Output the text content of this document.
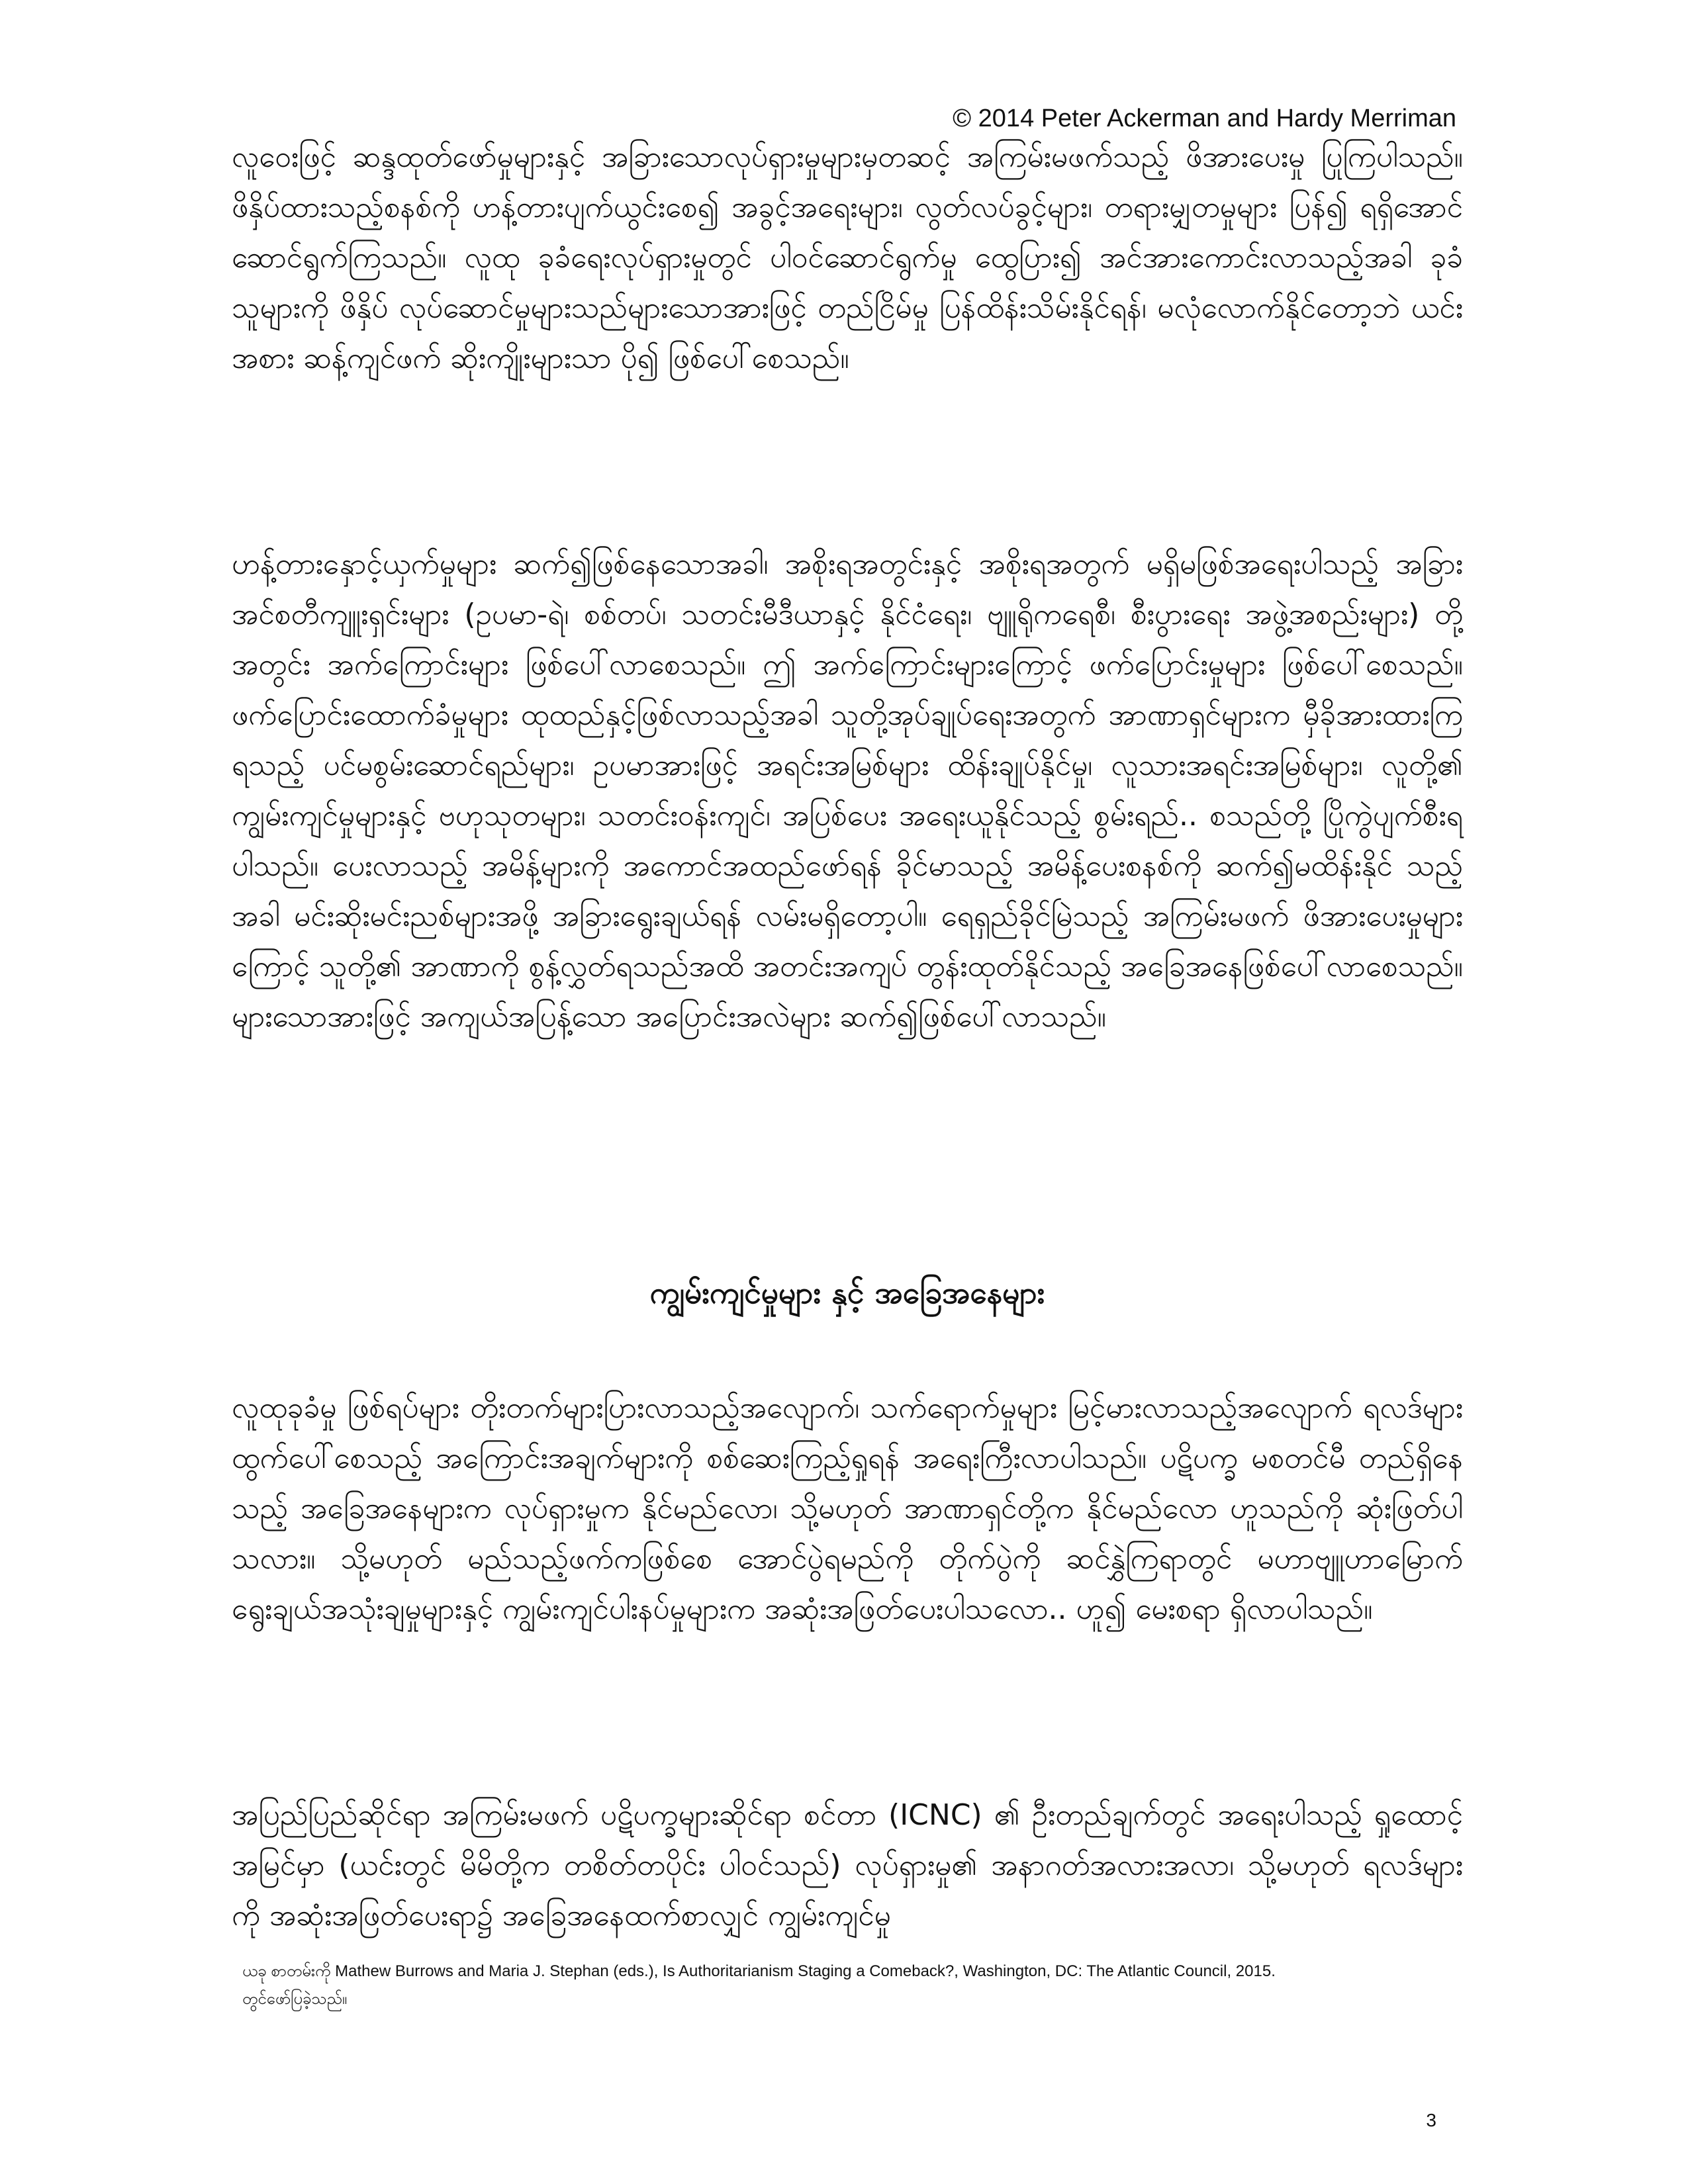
© 2014 Peter Ackerman and Hardy Merriman

လူဝေးဖြင့် ဆန္ဒထုတ်ဖော်မှုများနှင့် အခြားသောလုပ်ရှားမှုများမှတဆင့် အကြမ်းမဖက်သည့် ဖိအားပေးမှု ပြုကြပါသည်။ ဖိနှိပ်ထားသည့်စနစ်ကို ဟန့်တားပျက်ယွင်းစေ၍ အခွင့်အရေးများ၊ လွတ်လပ်ခွင့်များ၊ တရားမျှတမှုများ ပြန်၍ ရရှိအောင် ဆောင်ရွက်ကြသည်။ လူထု ခုခံရေးလုပ်ရှားမှုတွင် ပါဝင်ဆောင်ရွက်မှု ထွေပြား၍ အင်အားကောင်းလာသည့်အခါ ခုခံသူများကို ဖိနှိပ် လုပ်ဆောင်မှုများသည်များသောအားဖြင့် တည်ငြိမ်မှု ပြန်ထိန်းသိမ်းနိုင်ရန်၊ မလုံလောက်နိုင်တော့ဘဲ ယင်းအစား ဆန့်ကျင်ဖက် ဆိုးကျိုးများသာ ပို၍ ဖြစ်ပေါ်စေသည်။

ဟန့်တားနှောင့်ယှက်မှုများ ဆက်၍ဖြစ်နေသောအခါ၊ အစိုးရအတွင်းနှင့် အစိုးရအတွက် မရှိမဖြစ်အရေးပါသည့် အခြား အင်စတီကျူးရှင်းများ (ဥပမာ-ရဲ၊ စစ်တပ်၊ သတင်းမီဒီယာနှင့် နိုင်ငံရေး၊ ဗျူရိုကရေစီ၊ စီးပွားရေး အဖွဲ့အစည်းများ) တို့အတွင်း အက်ကြောင်းများ ဖြစ်ပေါ်လာစေသည်။ ဤ အက်ကြောင်းများကြောင့် ဖက်ပြောင်းမှုများ ဖြစ်ပေါ်စေသည်။ ဖက်ပြောင်းထောက်ခံမှုများ ထုထည်နှင့်ဖြစ်လာသည့်အခါ သူတို့အုပ်ချုပ်ရေးအတွက် အာဏာရှင်များက မှီခိုအားထားကြရသည့် ပင်မစွမ်းဆောင်ရည်များ၊ ဥပမာအားဖြင့် အရင်းအမြစ်များ ထိန်းချုပ်နိုင်မှု၊ လူသားအရင်းအမြစ်များ၊ လူတို့၏ ကျွမ်းကျင်မှုများနှင့် ဗဟုသုတများ၊ သတင်းဝန်းကျင်၊ အပြစ်ပေး အရေးယူနိုင်သည့် စွမ်းရည်.. စသည်တို့ ပြိုကွဲပျက်စီးရပါသည်။ ပေးလာသည့် အမိန့်များကို အကောင်အထည်ဖော်ရန် ခိုင်မာသည့် အမိန့်ပေးစနစ်ကို ဆက်၍မထိန်းနိုင် သည့်အခါ မင်းဆိုးမင်းညစ်များအဖို့ အခြားရွေးချယ်ရန် လမ်းမရှိတော့ပါ။ ရေရှည်ခိုင်မြဲသည့် အကြမ်းမဖက် ဖိအားပေးမှုများကြောင့် သူတို့၏ အာဏာကို စွန့်လွှတ်ရသည်အထိ အတင်းအကျပ် တွန်းထုတ်နိုင်သည့် အခြေအနေဖြစ်ပေါ်လာစေသည်။ များသောအားဖြင့် အကျယ်အပြန့်သော အပြောင်းအလဲများ ဆက်၍ဖြစ်ပေါ်လာသည်။

ကျွမ်းကျင်မှုများ နှင့် အခြေအနေများ

လူထုခုခံမှု ဖြစ်ရပ်များ တိုးတက်များပြားလာသည့်အလျောက်၊ သက်ရောက်မှုများ မြင့်မားလာသည့်အလျောက် ရလဒ်များထွက်ပေါ်စေသည့် အကြောင်းအချက်များကို စစ်ဆေးကြည့်ရှုရန် အရေးကြီးလာပါသည်။ ပဋိပက္ခ မစတင်မီ တည်ရှိနေသည့် အခြေအနေများက လုပ်ရှားမှုက နိုင်မည်လော၊ သို့မဟုတ် အာဏာရှင်တို့က နိုင်မည်လော ဟူသည်ကို ဆုံးဖြတ်ပါသလား။ သို့မဟုတ် မည်သည့်ဖက်ကဖြစ်စေ အောင်ပွဲရမည်ကို တိုက်ပွဲကို ဆင်နွှဲကြရာတွင် မဟာဗျူဟာမြောက် ရွေးချယ်အသုံးချမှုများနှင့် ကျွမ်းကျင်ပါးနပ်မှုများက အဆုံးအဖြတ်ပေးပါသလော.. ဟူ၍ မေးစရာ ရှိလာပါသည်။

အပြည်ပြည်ဆိုင်ရာ အကြမ်းမဖက် ပဋိပက္ခများဆိုင်ရာ စင်တာ (ICNC) ၏ ဦးတည်ချက်တွင် အရေးပါသည့် ရှုထောင့်အမြင်မှာ (ယင်းတွင် မိမိတို့က တစိတ်တပိုင်း ပါဝင်သည်) လုပ်ရှားမှု၏ အနာဂတ်အလားအလာ၊ သို့မဟုတ် ရလဒ်များ ကို အဆုံးအဖြတ်ပေးရာ၌ အခြေအနေထက်စာလျှင် ကျွမ်းကျင်မှု

ယခု စာတမ်းကို Mathew Burrows and Maria J. Stephan (eds.), Is Authoritarianism Staging a Comeback?, Washington, DC: The Atlantic Council, 2015.
တွင်ဖော်ပြခဲ့သည်။
3
